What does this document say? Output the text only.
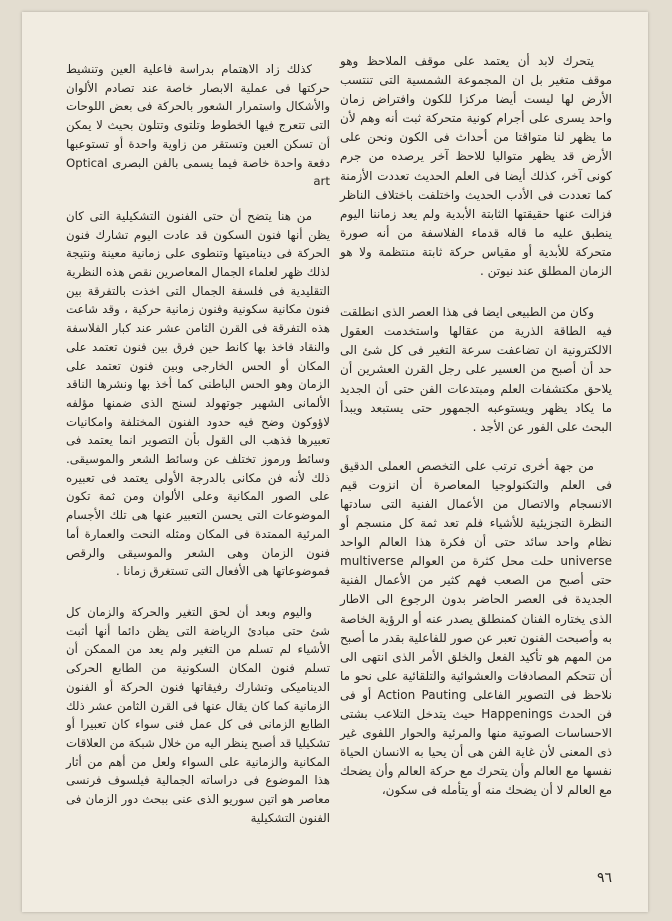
يتحرك لابد أن يعتمد على موقف الملاحظ وهو موقف متغير بل ان المجموعة الشمسية التى تنتسب الأرض لها ليست أيضا مركزا للكون وافتراض زمان واحد يسرى على أجرام كونية متحركة ثبت أنه وهم لأن ما يظهر لنا متواقتا من أحداث فى الكون ونحن على الأرض قد يظهر متواليا للاحظ آخر يرصده من جرم كونى آخر، كذلك أيضا فى العلم الحديث تعددت الأزمنة كما تعددت فى الأدب الحديث واختلفت باختلاف الناظر فزالت عنها حقيقتها الثابتة الأبدية ولم يعد زماننا اليوم ينطبق عليه ما قاله قدماء الفلاسفة من أنه صورة متحركة للأبدية أو مقياس حركة ثابتة منتظمة ولا هو الزمان المطلق عند نيوتن .

وكان من الطبيعى ايضا فى هذا العصر الذى انطلقت فيه الطاقة الذرية من عقالها واستخدمت العقول الالكترونية ان تضاعفت سرعة التغير فى كل شئ الى حد أن أصبح من العسير على رجل القرن العشرين أن يلاحق مكتشفات العلم ومبتدعات الفن حتى أن الجديد ما يكاد يظهر ويستوعبه الجمهور حتى يستبعد ويبدأ البحث على الفور عن الأجد .

من جهة أخرى ترتب على التخصص العملى الدقيق فى العلم والتكنولوجيا المعاصرة أن انزوت قيم الانسجام والاتصال من الأعمال الفنية التى سادتها النظرة التجزيئية للأشياء فلم تعد ثمة كل منسجم أو نظام واحد سائد حتى أن فكرة هذا العالم الواحد universe حلت محل كثرة من العوالم multiverse حتى أصبح من الصعب فهم كثير من الأعمال الفنية الجديدة فى العصر الحاضر بدون الرجوع الى الاطار الذى يختاره الفنان كمنطلق يصدر عنه أو الرؤية الخاصة به وأصبحت الفنون تعبر عن صور للفاعلية بقدر ما أصبح من المهم هو تأكيد الفعل والخلق الأمر الذى انتهى الى أن تتحكم المصادفات والعشوائية والتلقائية على نحو ما نلاحظ فى التصوير الفاعلى Action Pauting أو فى فن الحدث Happenings حيث يتدخل التلاعب بشتى الاحساسات الصوتية منها والمرئية والحوار اللفوى غير ذى المعنى لأن غاية الفن هى أن يحيا به الانسان الحياة نفسها مع العالم وأن يتحرك مع حركة العالم وأن يضحك مع العالم لا أن يضحك منه أو يتأمله فى سكون،

كذلك زاد الاهتمام بدراسة فاعلية العين وتنشيط حركتها فى عملية الابصار خاصة عند تصادم الألوان والأشكال واستمرار الشعور بالحركة فى بعض اللوحات التى تتعرج فيها الخطوط وتلتوى وتتلون بحيث لا يمكن أن تسكن العين وتستقر من زاوية واحدة أو تستوعبها دفعة واحدة خاصة فيما يسمى بالفن البصرى Optical art

من هنا يتضح أن حتى الفنون التشكيلية التى كان يظن أنها فنون السكون قد عادت اليوم تشارك فنون الحركة فى ديناميتها وتنطوى على زمانية معينة ونتيجة لذلك ظهر لعلماء الجمال المعاصرين نقص هذه النظرية التقليدية فى فلسفة الجمال التى اخذت بالتفرقة بين فنون مكانية سكونية وفنون زمانية حركية ، وقد شاعت هذه التفرقة فى القرن الثامن عشر عند كبار الفلاسفة والنقاد فاخذ بها كانط حين فرق بين فنون تعتمد على المكان أو الحس الخارجى وبين فنون تعتمد على الزمان وهو الحس الباطنى كما أخذ بها ونشرها الناقد الألمانى الشهير جوتهولد لسنج الذى ضمنها مؤلفه لاؤوكون وضح فيه حدود الفنون المختلفة وامكانيات تعبيرها فذهب الى القول بأن التصوير انما يعتمد فى وسائط ورموز تختلف عن وسائط الشعر والموسيقى. ذلك لأنه فن مكانى بالدرجة الأولى يعتمد فى تعبيره على الصور المكانية وعلى الألوان ومن ثمة تكون الموضوعات التى يحسن التعبير عنها هى تلك الأجسام المرئية الممتدة فى المكان ومثله النحت والعمارة أما فنون الزمان وهى الشعر والموسيقى والرقص فموضوعاتها هى الأفعال التى تستغرق زمانا .

واليوم وبعد أن لحق التغير والحركة والزمان كل شئ حتى مبادئ الرياضة التى يظن دائما أنها أثبت الأشياء لم تسلم من التغير ولم يعد من الممكن أن تسلم فنون المكان السكونية من الطابع الحركى الديناميكى وتشارك رفيقاتها فنون الحركة أو الفنون الزمانية كما كان يقال عنها فى القرن الثامن عشر ذلك الطابع الزمانى فى كل عمل فنى سواء كان تعبيرا أو تشكيليا قد أصبح ينظر اليه من خلال شبكة من العلاقات المكانية والزمانية على السواء ولعل من أهم من أثار هذا الموضوع فى دراساته الجمالية فيلسوف فرنسى معاصر هو اتين سوريو الذى عنى ببحث دور الزمان فى الفنون التشكيلية

٩٦
